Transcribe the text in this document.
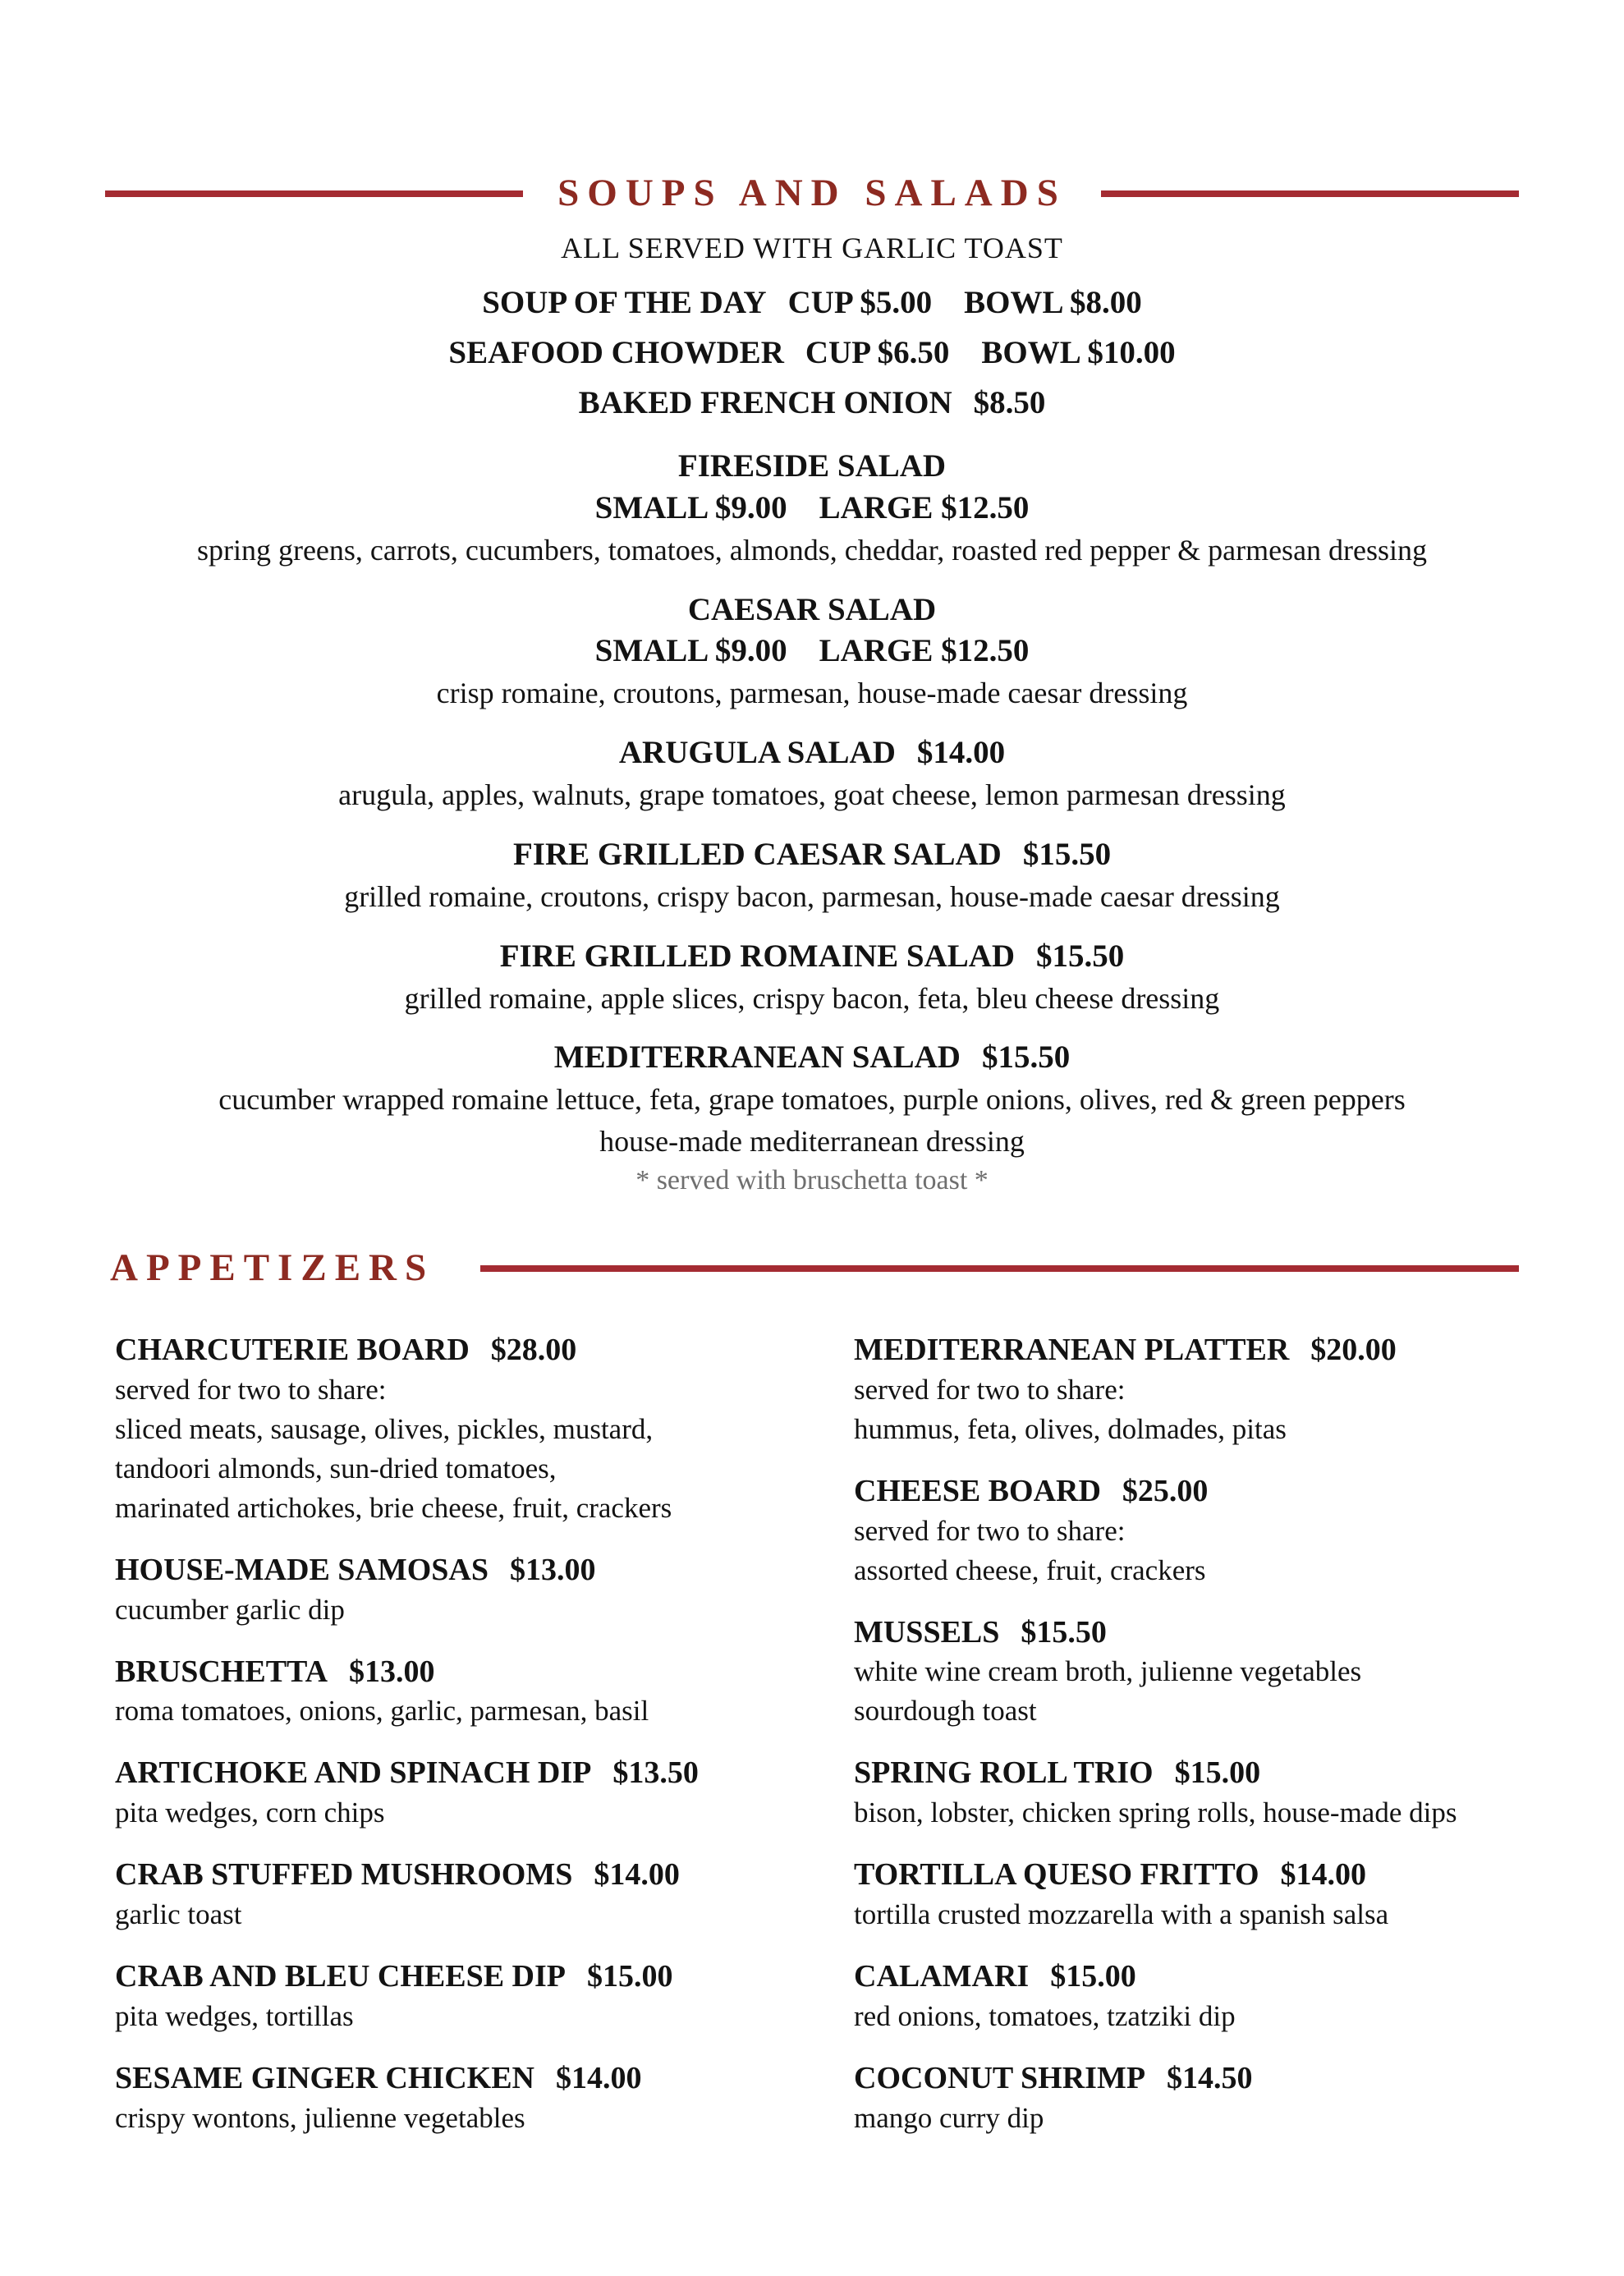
SOUPS AND SALADS
ALL SERVED WITH GARLIC TOAST
SOUP OF THE DAY CUP $5.00 BOWL $8.00
SEAFOOD CHOWDER CUP $6.50 BOWL $10.00
BAKED FRENCH ONION $8.50
FIRESIDE SALAD
SMALL $9.00 LARGE $12.50
spring greens, carrots, cucumbers, tomatoes, almonds, cheddar, roasted red pepper & parmesan dressing
CAESAR SALAD
SMALL $9.00 LARGE $12.50
crisp romaine, croutons, parmesan, house-made caesar dressing
ARUGULA SALAD $14.00
arugula, apples, walnuts, grape tomatoes, goat cheese, lemon parmesan dressing
FIRE GRILLED CAESAR SALAD $15.50
grilled romaine, croutons, crispy bacon, parmesan, house-made caesar dressing
FIRE GRILLED ROMAINE SALAD $15.50
grilled romaine, apple slices, crispy bacon, feta, bleu cheese dressing
MEDITERRANEAN SALAD $15.50
cucumber wrapped romaine lettuce, feta, grape tomatoes, purple onions, olives, red & green peppers
house-made mediterranean dressing
* served with bruschetta toast *
APPETIZERS
CHARCUTERIE BOARD $28.00
served for two to share:
sliced meats, sausage, olives, pickles, mustard,
tandoori almonds, sun-dried tomatoes,
marinated artichokes, brie cheese, fruit, crackers
HOUSE-MADE SAMOSAS $13.00
cucumber garlic dip
BRUSCHETTA $13.00
roma tomatoes, onions, garlic, parmesan, basil
ARTICHOKE AND SPINACH DIP $13.50
pita wedges, corn chips
CRAB STUFFED MUSHROOMS $14.00
garlic toast
CRAB AND BLEU CHEESE DIP $15.00
pita wedges, tortillas
SESAME GINGER CHICKEN $14.00
crispy wontons, julienne vegetables
MEDITERRANEAN PLATTER $20.00
served for two to share:
hummus, feta, olives, dolmades, pitas
CHEESE BOARD $25.00
served for two to share:
assorted cheese, fruit, crackers
MUSSELS $15.50
white wine cream broth, julienne vegetables
sourdough toast
SPRING ROLL TRIO $15.00
bison, lobster, chicken spring rolls, house-made dips
TORTILLA QUESO FRITTO $14.00
tortilla crusted mozzarella with a spanish salsa
CALAMARI $15.00
red onions, tomatoes, tzatziki dip
COCONUT SHRIMP $14.50
mango curry dip
